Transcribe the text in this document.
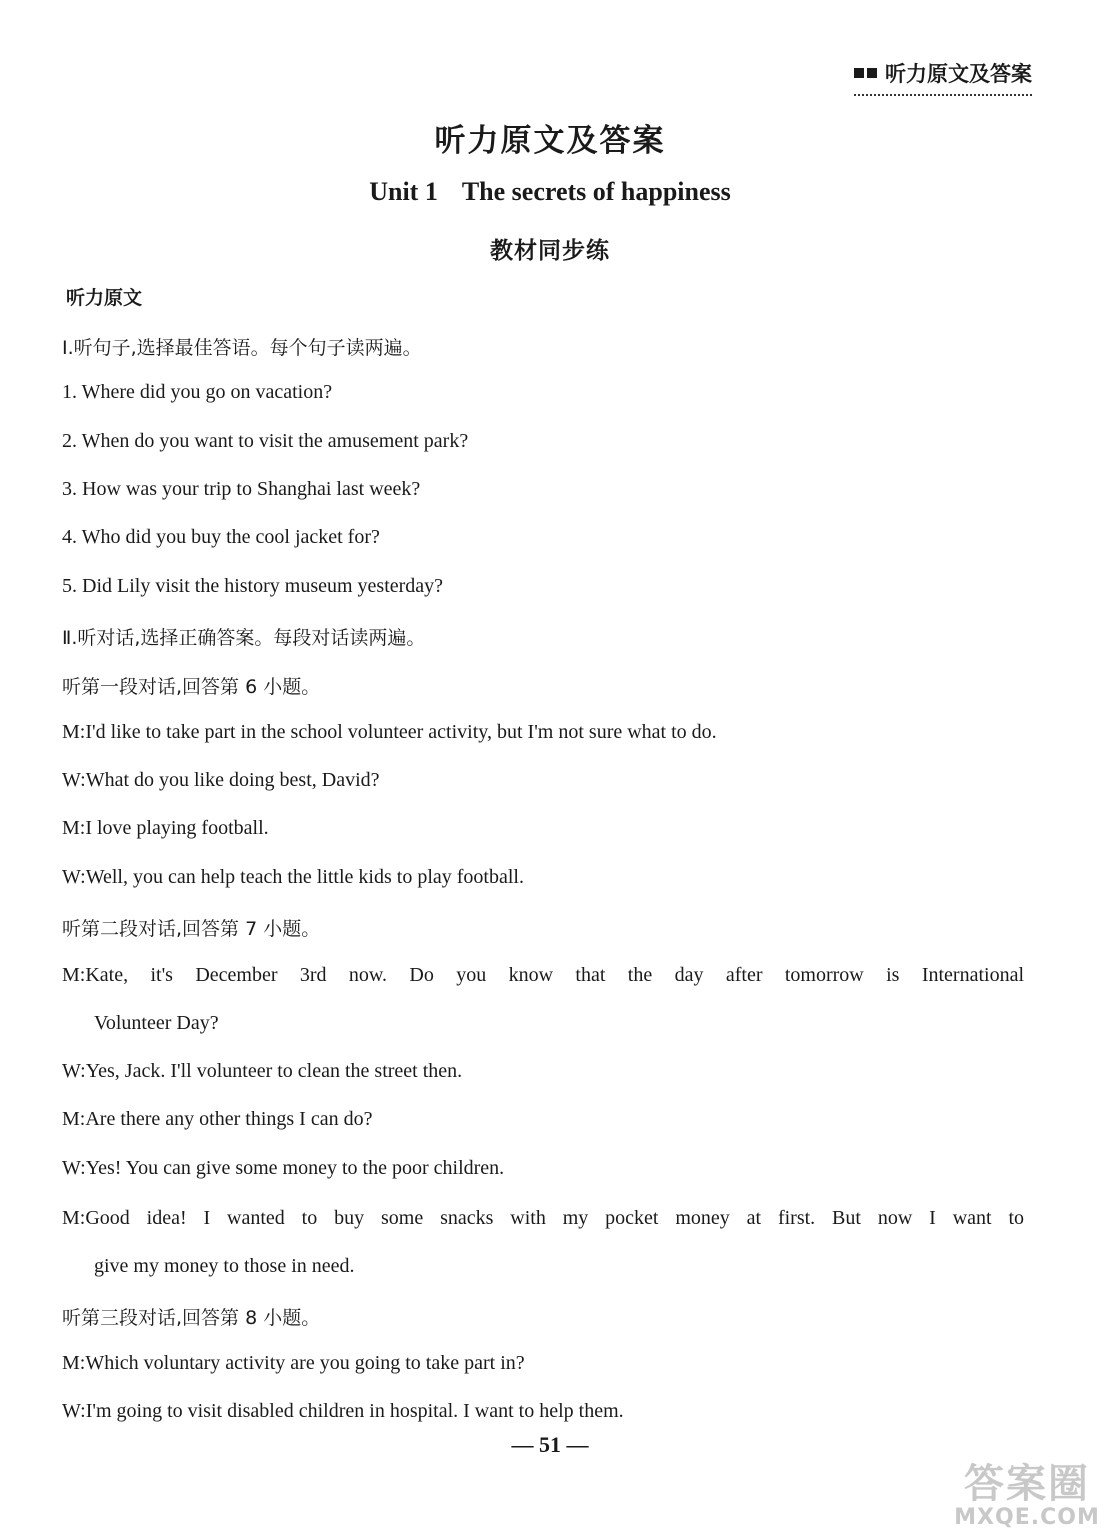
听力原文及答案
听力原文及答案
Unit 1 The secrets of happiness
教材同步练
听力原文
Ⅰ.听句子,选择最佳答语。每个句子读两遍。
1. Where did you go on vacation?
2. When do you want to visit the amusement park?
3. How was your trip to Shanghai last week?
4. Who did you buy the cool jacket for?
5. Did Lily visit the history museum yesterday?
Ⅱ.听对话,选择正确答案。每段对话读两遍。
听第一段对话,回答第 6 小题。
M:I'd like to take part in the school volunteer activity, but I'm not sure what to do.
W:What do you like doing best, David?
M:I love playing football.
W:Well, you can help teach the little kids to play football.
听第二段对话,回答第 7 小题。
M:Kate, it's December 3rd now. Do you know that the day after tomorrow is International
Volunteer Day?
W:Yes, Jack. I'll volunteer to clean the street then.
M:Are there any other things I can do?
W:Yes! You can give some money to the poor children.
M:Good idea! I wanted to buy some snacks with my pocket money at first. But now I want to
give my money to those in need.
听第三段对话,回答第 8 小题。
M:Which voluntary activity are you going to take part in?
W:I'm going to visit disabled children in hospital. I want to help them.
— 51 —
答案圈
MXQE.COM
